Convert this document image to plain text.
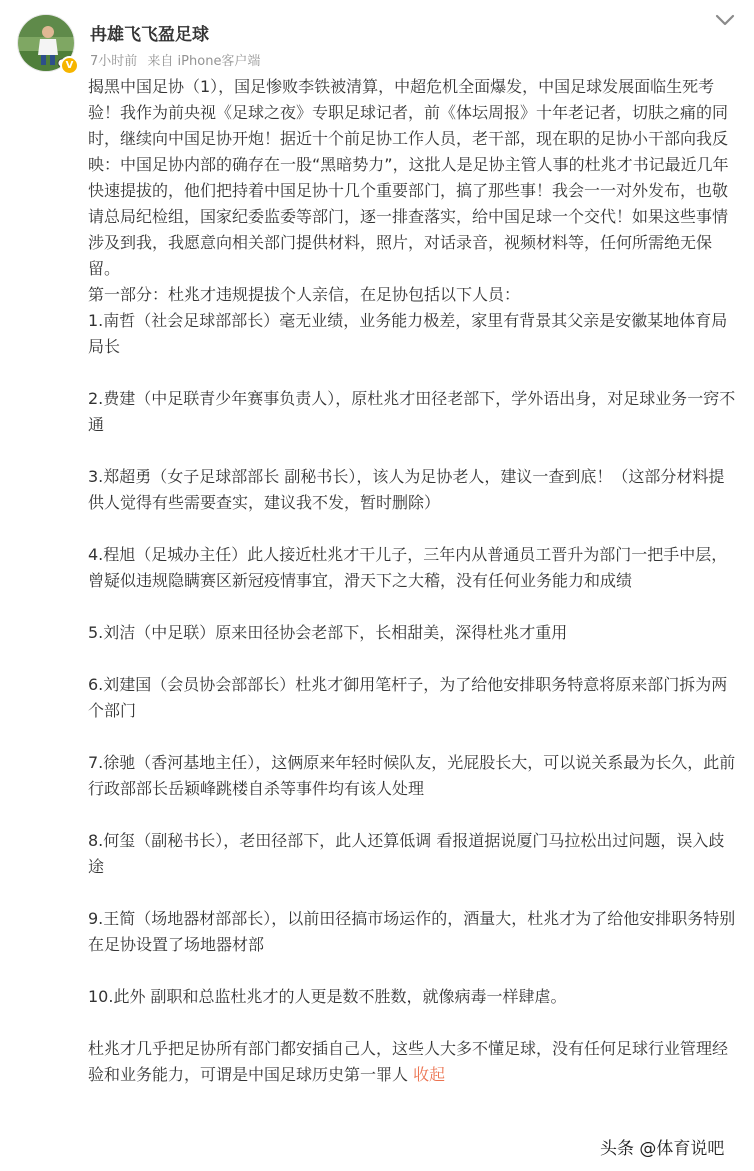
V
冉雄飞飞盈足球
7小时前 来自 iPhone客户端

揭黑中国足协（1），国足惨败李铁被清算，中超危机全面爆发，中国足球发展面临生死考验！我作为前央视《足球之夜》专职足球记者，前《体坛周报》十年老记者，切肤之痛的同时，继续向中国足协开炮！据近十个前足协工作人员，老干部，现在职的足协小干部向我反映：中国足协内部的确存在一股“黑暗势力”，这批人是足协主管人事的杜兆才书记最近几年快速提拔的，他们把持着中国足协十几个重要部门，搞了那些事！我会一一对外发布，也敬请总局纪检组，国家纪委监委等部门，逐一排查落实，给中国足球一个交代！如果这些事情涉及到我，我愿意向相关部门提供材料，照片，对话录音，视频材料等，任何所需绝无保留。

第一部分：杜兆才违规提拔个人亲信，在足协包括以下人员：

1.南哲（社会足球部部长）毫无业绩，业务能力极差，家里有背景其父亲是安徽某地体育局局长

2.费建（中足联青少年赛事负责人），原杜兆才田径老部下，学外语出身，对足球业务一窍不通

3.郑超勇（女子足球部部长 副秘书长），该人为足协老人，建议一查到底！（这部分材料提供人觉得有些需要查实，建议我不发，暂时删除）

4.程旭（足城办主任）此人接近杜兆才干儿子，三年内从普通员工晋升为部门一把手中层，曾疑似违规隐瞒赛区新冠疫情事宜，滑天下之大稽，没有任何业务能力和成绩

5.刘洁（中足联）原来田径协会老部下，长相甜美，深得杜兆才重用

6.刘建国（会员协会部部长）杜兆才御用笔杆子，为了给他安排职务特意将原来部门拆为两个部门

7.徐驰（香河基地主任），这俩原来年轻时候队友，光屁股长大，可以说关系最为长久，此前行政部部长岳颖峰跳楼自杀等事件均有该人处理

8.何玺（副秘书长），老田径部下，此人还算低调 看报道据说厦门马拉松出过问题，误入歧途

9.王简（场地器材部部长），以前田径搞市场运作的，酒量大，杜兆才为了给他安排职务特别在足协设置了场地器材部

10.此外 副职和总监杜兆才的人更是数不胜数，就像病毒一样肆虐。

杜兆才几乎把足协所有部门都安插自己人，这些人大多不懂足球，没有任何足球行业管理经验和业务能力，可谓是中国足球历史第一罪人 收起

头条 @体育说吧
